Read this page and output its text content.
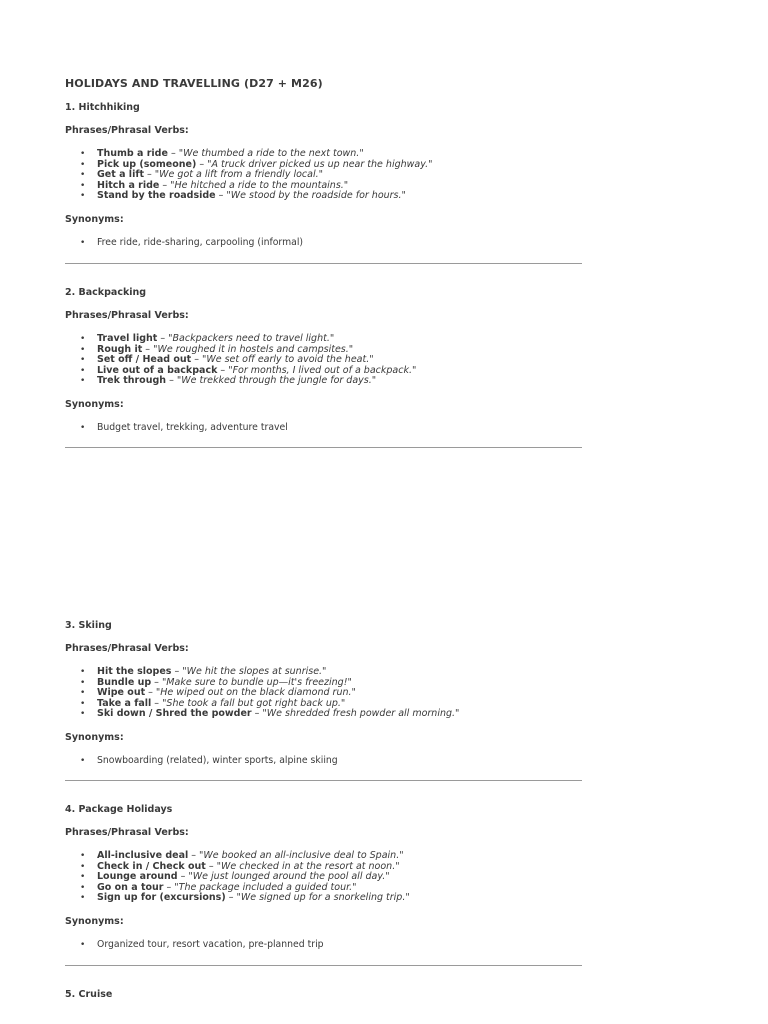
HOLIDAYS AND TRAVELLING (D27 + M26)

1. Hitchhiking

Phrases/Phrasal Verbs:

• Thumb a ride – "We thumbed a ride to the next town."
• Pick up (someone) – "A truck driver picked us up near the highway."
• Get a lift – "We got a lift from a friendly local."
• Hitch a ride – "He hitched a ride to the mountains."
• Stand by the roadside – "We stood by the roadside for hours."

Synonyms:

• Free ride, ride-sharing, carpooling (informal)

2. Backpacking

Phrases/Phrasal Verbs:

• Travel light – "Backpackers need to travel light."
• Rough it – "We roughed it in hostels and campsites."
• Set off / Head out – "We set off early to avoid the heat."
• Live out of a backpack – "For months, I lived out of a backpack."
• Trek through – "We trekked through the jungle for days."

Synonyms:

• Budget travel, trekking, adventure travel

3. Skiing

Phrases/Phrasal Verbs:

• Hit the slopes – "We hit the slopes at sunrise."
• Bundle up – "Make sure to bundle up—it's freezing!"
• Wipe out – "He wiped out on the black diamond run."
• Take a fall – "She took a fall but got right back up."
• Ski down / Shred the powder – "We shredded fresh powder all morning."

Synonyms:

• Snowboarding (related), winter sports, alpine skiing

4. Package Holidays

Phrases/Phrasal Verbs:

• All-inclusive deal – "We booked an all-inclusive deal to Spain."
• Check in / Check out – "We checked in at the resort at noon."
• Lounge around – "We just lounged around the pool all day."
• Go on a tour – "The package included a guided tour."
• Sign up for (excursions) – "We signed up for a snorkeling trip."

Synonyms:

• Organized tour, resort vacation, pre-planned trip

5. Cruise
